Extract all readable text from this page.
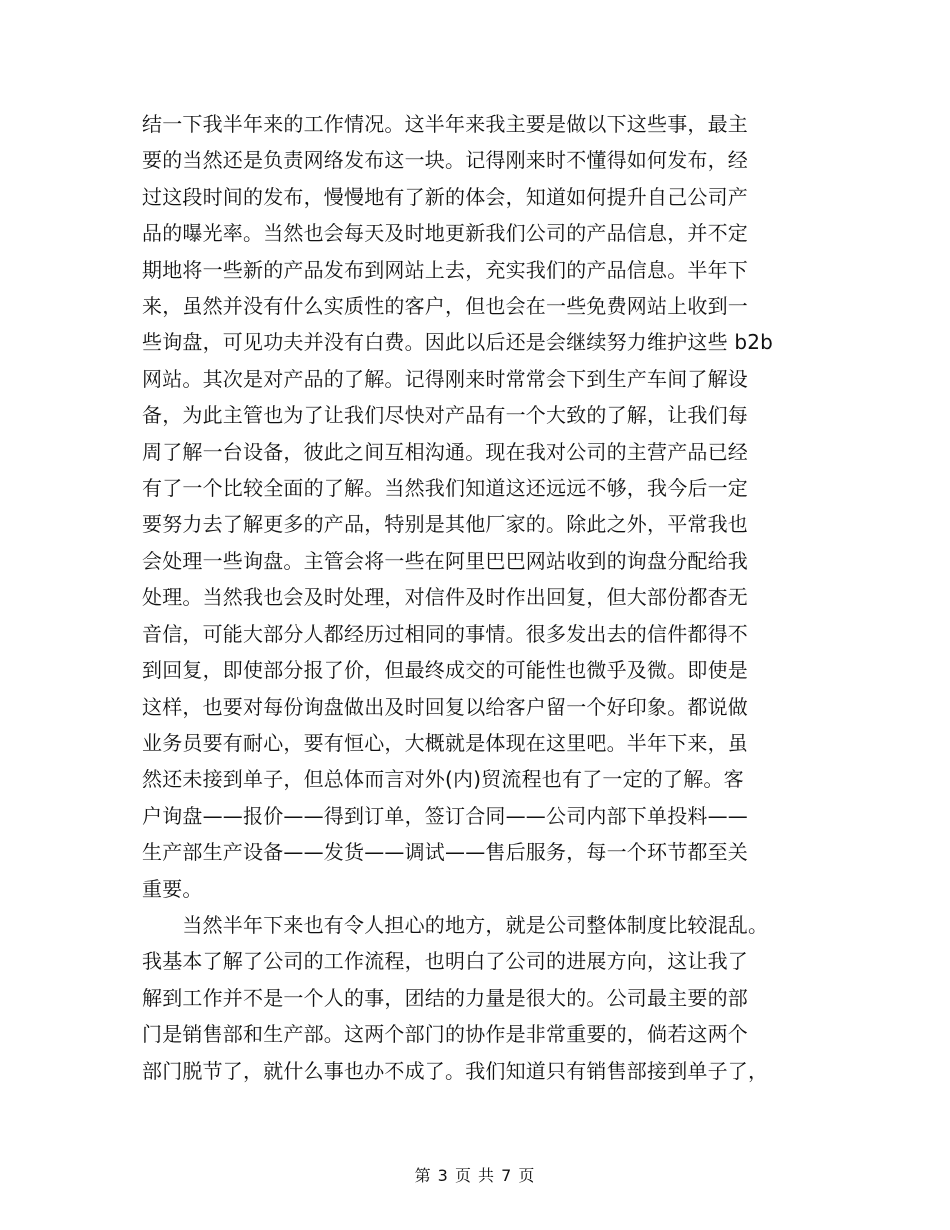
结一下我半年来的工作情况。这半年来我主要是做以下这些事，最主
要的当然还是负责网络发布这一块。记得刚来时不懂得如何发布，经
过这段时间的发布，慢慢地有了新的体会，知道如何提升自己公司产
品的曝光率。当然也会每天及时地更新我们公司的产品信息，并不定
期地将一些新的产品发布到网站上去，充实我们的产品信息。半年下
来，虽然并没有什么实质性的客户，但也会在一些免费网站上收到一
些询盘，可见功夫并没有白费。因此以后还是会继续努力维护这些 b2b
网站。其次是对产品的了解。记得刚来时常常会下到生产车间了解设
备，为此主管也为了让我们尽快对产品有一个大致的了解，让我们每
周了解一台设备，彼此之间互相沟通。现在我对公司的主营产品已经
有了一个比较全面的了解。当然我们知道这还远远不够，我今后一定
要努力去了解更多的产品，特别是其他厂家的。除此之外，平常我也
会处理一些询盘。主管会将一些在阿里巴巴网站收到的询盘分配给我
处理。当然我也会及时处理，对信件及时作出回复，但大部份都杳无
音信，可能大部分人都经历过相同的事情。很多发出去的信件都得不
到回复，即使部分报了价，但最终成交的可能性也微乎及微。即使是
这样，也要对每份询盘做出及时回复以给客户留一个好印象。都说做
业务员要有耐心，要有恒心，大概就是体现在这里吧。半年下来，虽
然还未接到单子，但总体而言对外(内)贸流程也有了一定的了解。客
户询盘——报价——得到订单，签订合同——公司内部下单投料——
生产部生产设备——发货——调试——售后服务，每一个环节都至关
重要。

　　当然半年下来也有令人担心的地方，就是公司整体制度比较混乱。
我基本了解了公司的工作流程，也明白了公司的进展方向，这让我了
解到工作并不是一个人的事，团结的力量是很大的。公司最主要的部
门是销售部和生产部。这两个部门的协作是非常重要的，倘若这两个
部门脱节了，就什么事也办不成了。我们知道只有销售部接到单子了，

第 3 页 共 7 页
